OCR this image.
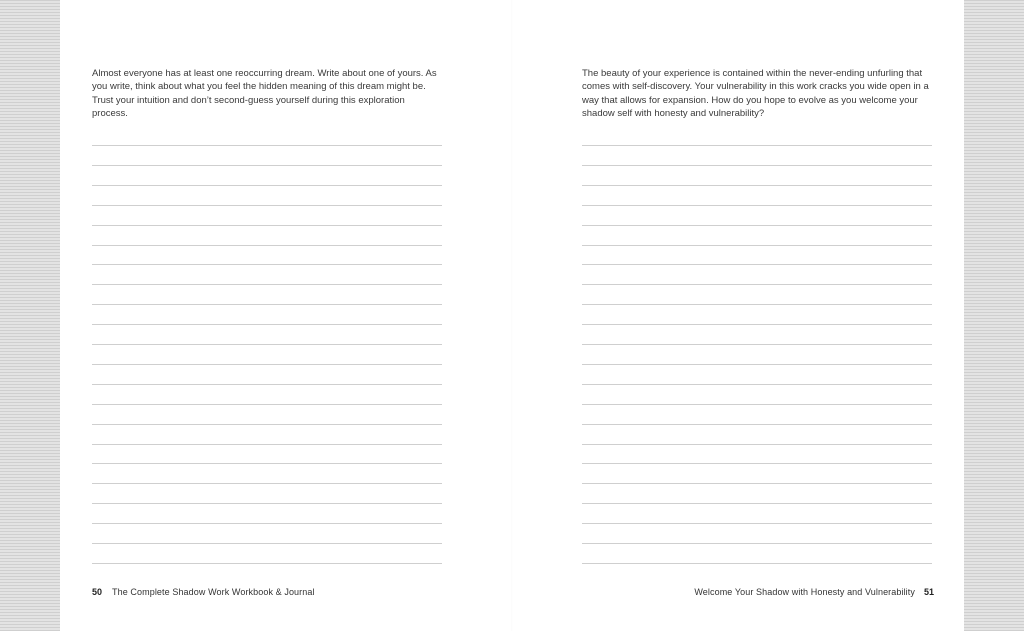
Almost everyone has at least one reoccurring dream. Write about one of yours. As you write, think about what you feel the hidden meaning of this dream might be. Trust your intuition and don’t second-guess yourself during this exploration process.

50 The Complete Shadow Work Workbook & Journal

The beauty of your experience is contained within the never-ending unfurling that comes with self-discovery. Your vulnerability in this work cracks you wide open in a way that allows for expansion. How do you hope to evolve as you welcome your shadow self with honesty and vulnerability?

Welcome Your Shadow with Honesty and Vulnerability 51
